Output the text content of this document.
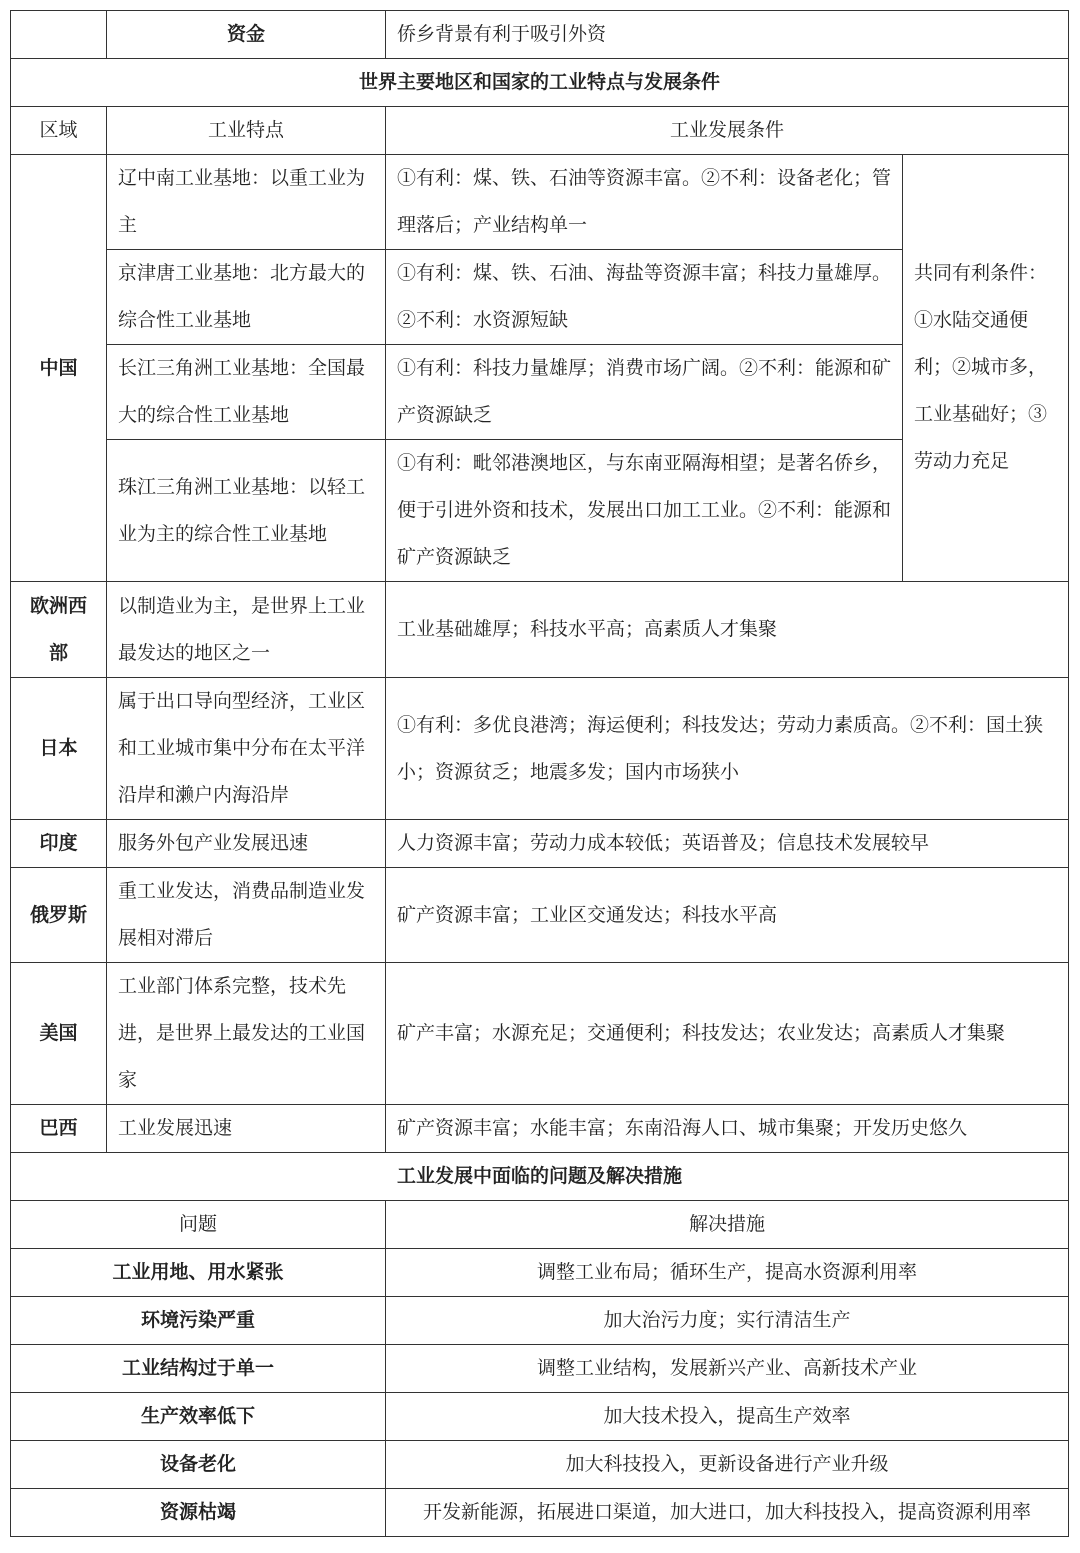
	资金	侨乡背景有利于吸引外资	
世界主要地区和国家的工业特点与发展条件			
区域	工业特点	工业发展条件	
中国	辽中南工业基地：以重工业为主	①有利：煤、铁、石油等资源丰富。②不利：设备老化；管理落后；产业结构单一	共同有利条件：①水陆交通便利；②城市多，工业基础好；③劳动力充足
	京津唐工业基地：北方最大的综合性工业基地	①有利：煤、铁、石油、海盐等资源丰富；科技力量雄厚。②不利：水资源短缺	
	长江三角洲工业基地：全国最大的综合性工业基地	①有利：科技力量雄厚；消费市场广阔。②不利：能源和矿产资源缺乏	
	珠江三角洲工业基地：以轻工业为主的综合性工业基地	①有利：毗邻港澳地区，与东南亚隔海相望；是著名侨乡，便于引进外资和技术，发展出口加工工业。②不利：能源和矿产资源缺乏	
欧洲西部	以制造业为主，是世界上工业最发达的地区之一	工业基础雄厚；科技水平高；高素质人才集聚	
日本	属于出口导向型经济，工业区和工业城市集中分布在太平洋沿岸和濑户内海沿岸	①有利：多优良港湾；海运便利；科技发达；劳动力素质高。②不利：国土狭小；资源贫乏；地震多发；国内市场狭小	
印度	服务外包产业发展迅速	人力资源丰富；劳动力成本较低；英语普及；信息技术发展较早	
俄罗斯	重工业发达，消费品制造业发展相对滞后	矿产资源丰富；工业区交通发达；科技水平高	
美国	工业部门体系完整，技术先进，是世界上最发达的工业国家	矿产丰富；水源充足；交通便利；科技发达；农业发达；高素质人才集聚	
巴西	工业发展迅速	矿产资源丰富；水能丰富；东南沿海人口、城市集聚；开发历史悠久	
工业发展中面临的问题及解决措施			
问题		解决措施	
工业用地、用水紧张		调整工业布局；循环生产，提高水资源利用率	
环境污染严重		加大治污力度；实行清洁生产	
工业结构过于单一		调整工业结构，发展新兴产业、高新技术产业	
生产效率低下		加大技术投入，提高生产效率	
设备老化		加大科技投入，更新设备进行产业升级	
资源枯竭		开发新能源，拓展进口渠道，加大进口，加大科技投入，提高资源利用率	
